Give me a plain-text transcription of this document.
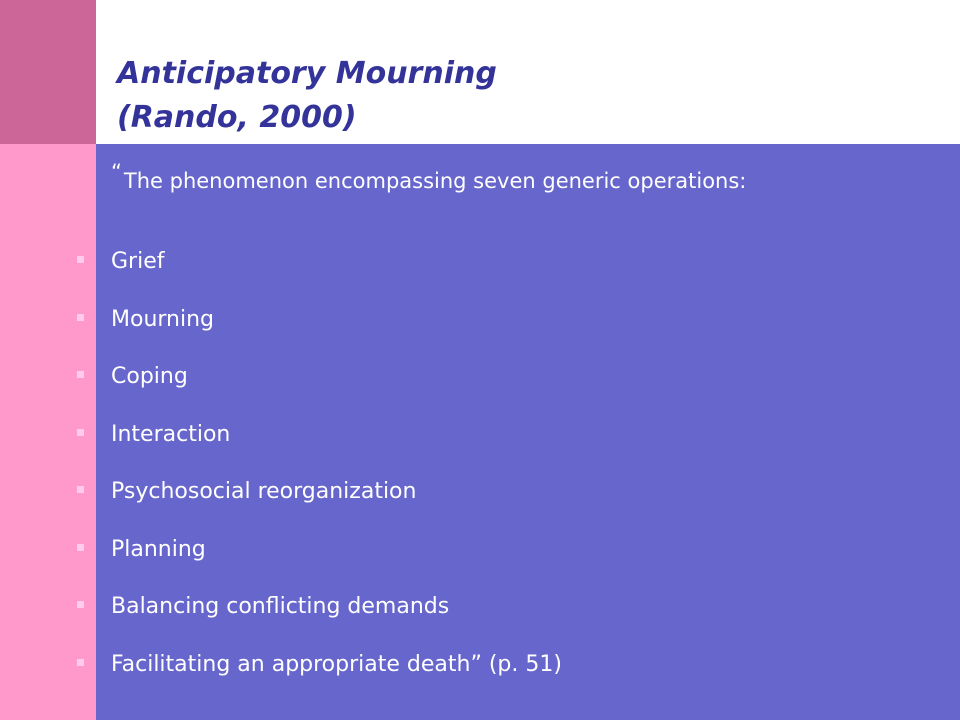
Anticipatory Mourning
(Rando, 2000)

“The phenomenon encompassing seven generic operations:

Grief
Mourning
Coping
Interaction
Psychosocial reorganization
Planning
Balancing conflicting demands
Facilitating an appropriate death” (p. 51)
